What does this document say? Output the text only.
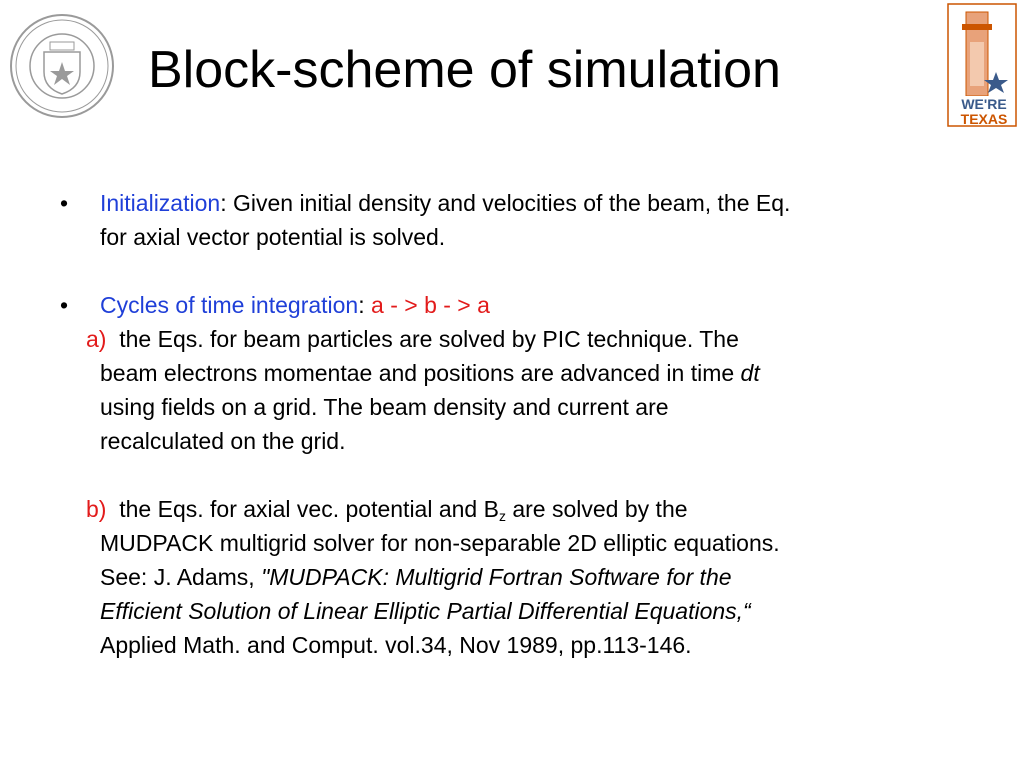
WE'RE
TEXAS
Block-scheme of simulation
• Initialization: Given initial density and velocities of the beam, the Eq.
for axial vector potential is solved.
• Cycles of time integration: a - > b - > a
a) the Eqs. for beam particles are solved by PIC technique. The
beam electrons momentae and positions are advanced in time dt
using fields on a grid. The beam density and current are
recalculated on the grid.
b) the Eqs. for axial vec. potential and $B_z$ are solved by the
MUDPACK multigrid solver for non-separable 2D elliptic equations.
See: J. Adams, "MUDPACK: Multigrid Fortran Software for the
Efficient Solution of Linear Elliptic Partial Differential Equations,“
Applied Math. and Comput. vol.34, Nov 1989, pp.113-146.
